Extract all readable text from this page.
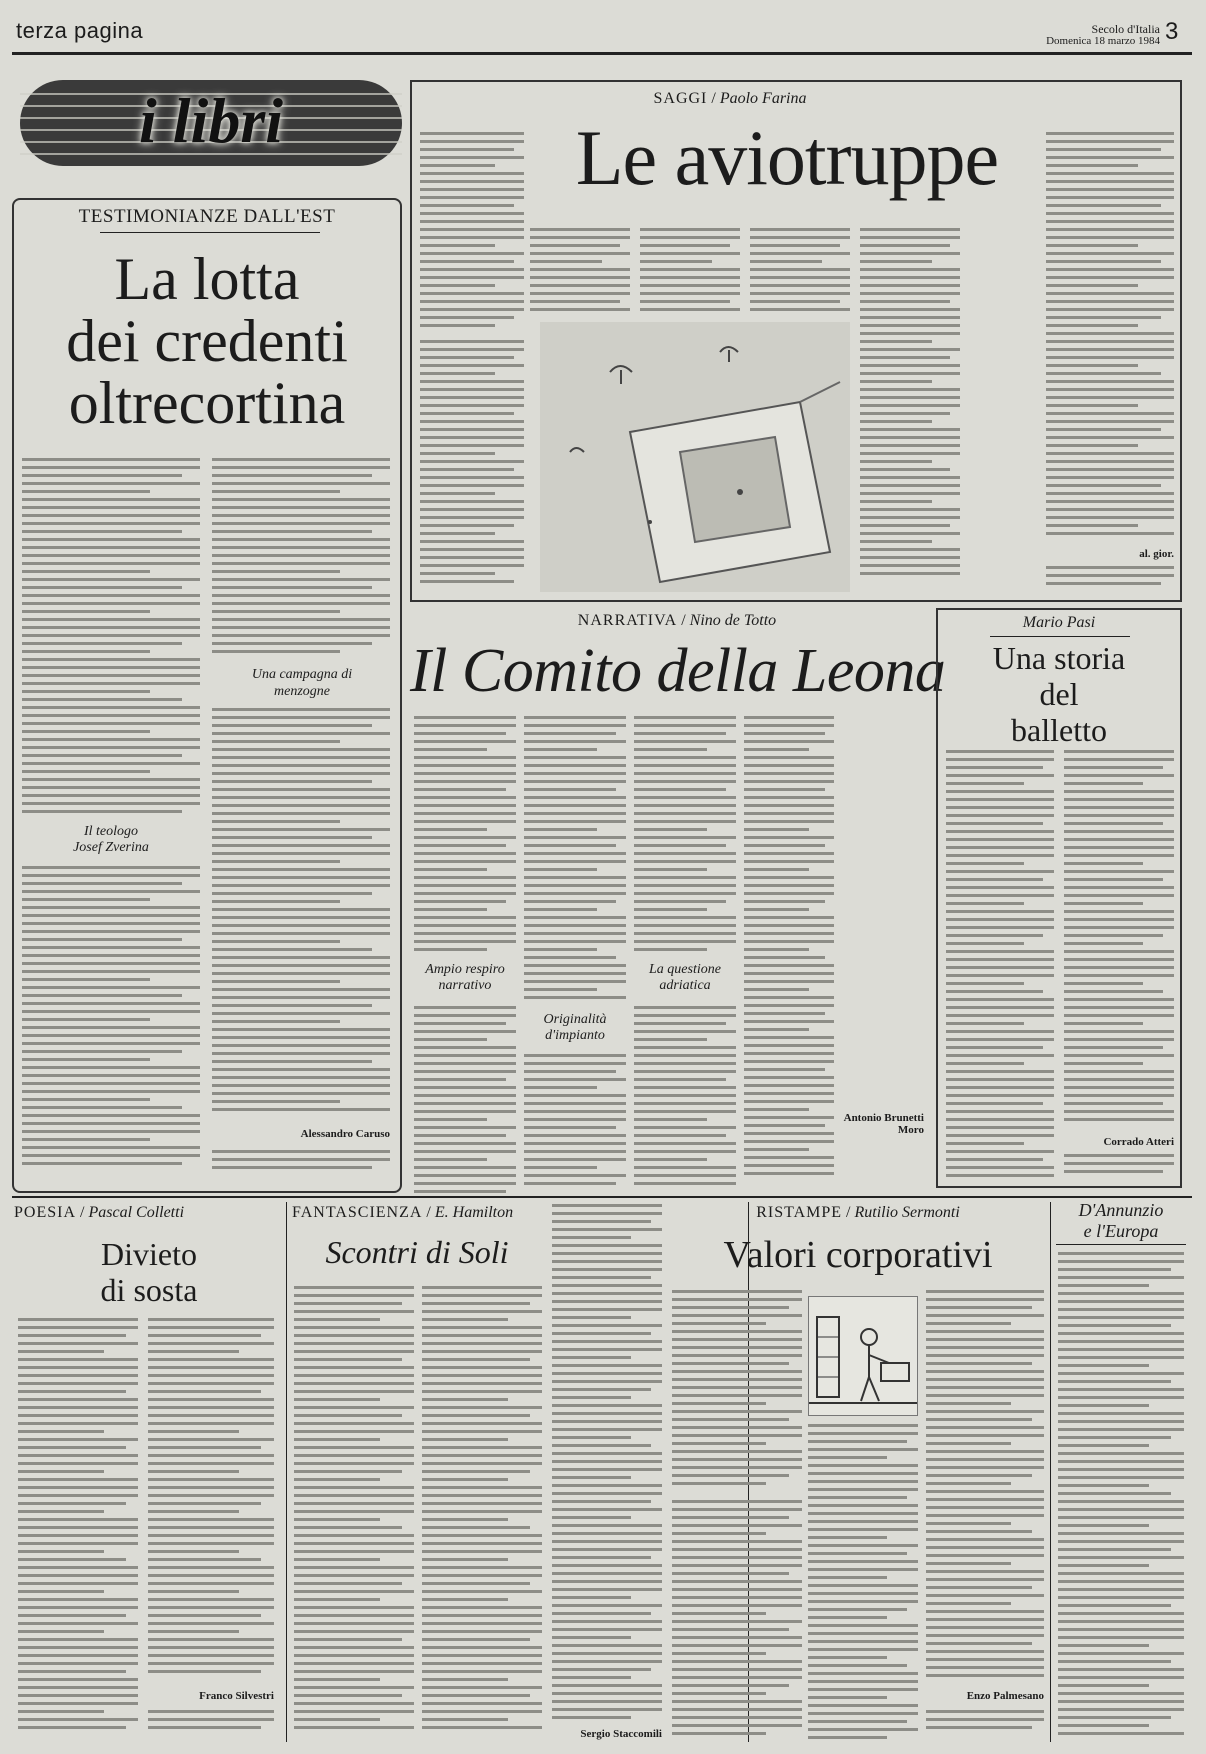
terza pagina	Secolo d'Italia
Domenica 18 marzo 1984 3
i libri
TESTIMONIANZE DALL'EST
La lotta
dei credenti
oltrecortina
Il teologo
Josef Zverina
Una campagna di menzogne
Alessandro Caruso
SAGGI / Paolo Farina
Le aviotruppe
al. gior.
NARRATIVA / Nino de Totto
Il Comito della Leona
Ampio respiro
narrativo
Originalità
d'impianto
La questione
adriatica
Antonio Brunetti
Moro
Mario Pasi
Una storia
del
balletto
Corrado Atteri
POESIA / Pascal Colletti
Divieto
di sosta
Franco Silvestri
FANTASCIENZA / E. Hamilton
Scontri di Soli
Sergio Staccomili
RISTAMPE / Rutilio Sermonti
Valori corporativi
Enzo Palmesano
D'Annunzio
e l'Europa
